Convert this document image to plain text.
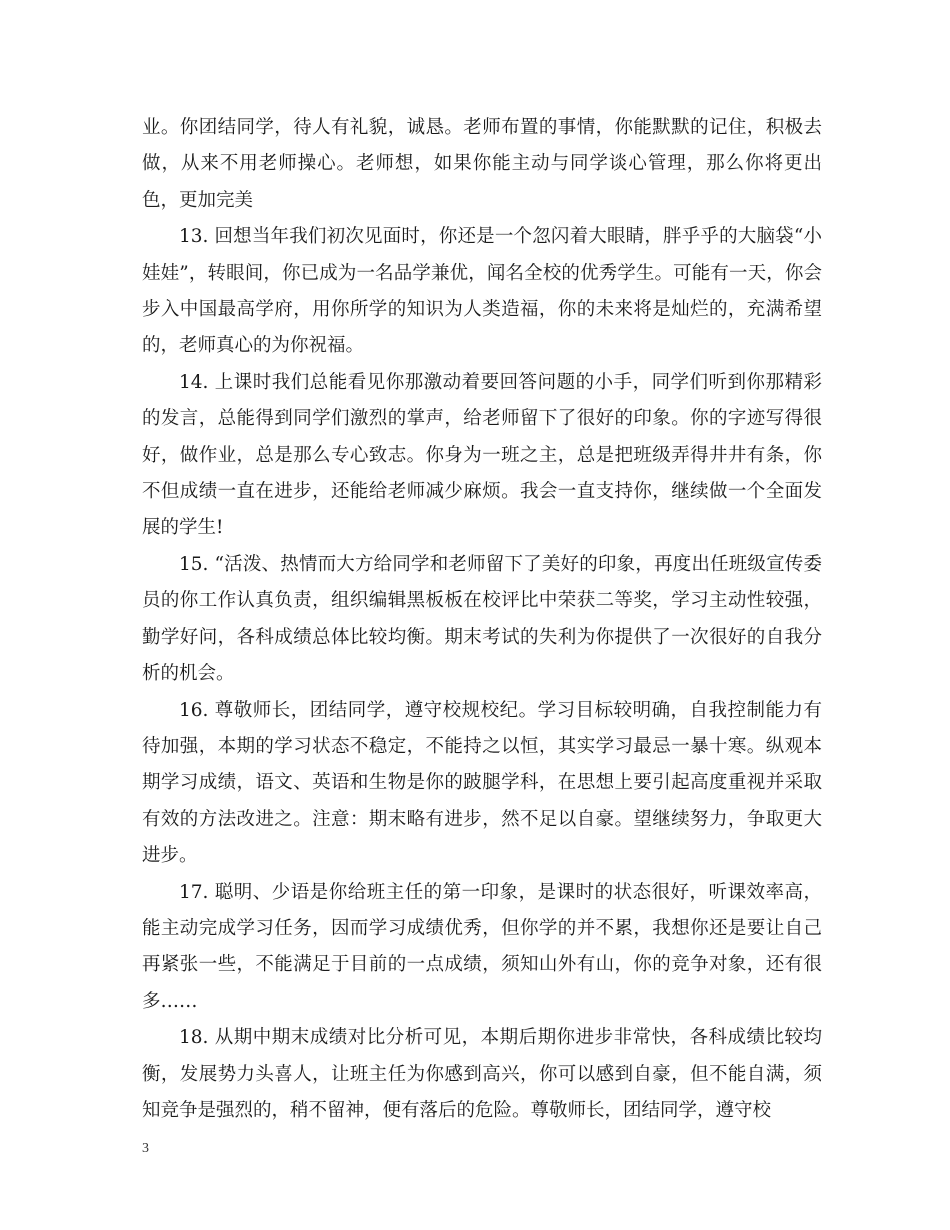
业。你团结同学，待人有礼貌，诚恳。老师布置的事情，你能默默的记住，积极去做，从来不用老师操心。老师想，如果你能主动与同学谈心管理，那么你将更出色，更加完美

13. 回想当年我们初次见面时，你还是一个忽闪着大眼睛，胖乎乎的大脑袋“小娃娃”，转眼间，你已成为一名品学兼优，闻名全校的优秀学生。可能有一天，你会步入中国最高学府，用你所学的知识为人类造福，你的未来将是灿烂的，充满希望的，老师真心的为你祝福。

14. 上课时我们总能看见你那激动着要回答问题的小手，同学们听到你那精彩的发言，总能得到同学们激烈的掌声，给老师留下了很好的印象。你的字迹写得很好，做作业，总是那么专心致志。你身为一班之主，总是把班级弄得井井有条，你不但成绩一直在进步，还能给老师减少麻烦。我会一直支持你，继续做一个全面发展的学生!

15. “活泼、热情而大方给同学和老师留下了美好的印象，再度出任班级宣传委员的你工作认真负责，组织编辑黑板板在校评比中荣获二等奖，学习主动性较强，勤学好问，各科成绩总体比较均衡。期末考试的失利为你提供了一次很好的自我分析的机会。

16. 尊敬师长，团结同学，遵守校规校纪。学习目标较明确，自我控制能力有待加强，本期的学习状态不稳定，不能持之以恒，其实学习最忌一暴十寒。纵观本期学习成绩，语文、英语和生物是你的跛腿学科，在思想上要引起高度重视并采取有效的方法改进之。注意：期末略有进步，然不足以自豪。望继续努力，争取更大进步。

17. 聪明、少语是你给班主任的第一印象，是课时的状态很好，听课效率高，能主动完成学习任务，因而学习成绩优秀，但你学的并不累，我想你还是要让自己再紧张一些，不能满足于目前的一点成绩，须知山外有山，你的竞争对象，还有很多……

18. 从期中期末成绩对比分析可见，本期后期你进步非常快，各科成绩比较均衡，发展势力头喜人，让班主任为你感到高兴，你可以感到自豪，但不能自满，须知竞争是强烈的，稍不留神，便有落后的危险。尊敬师长，团结同学，遵守校

3
